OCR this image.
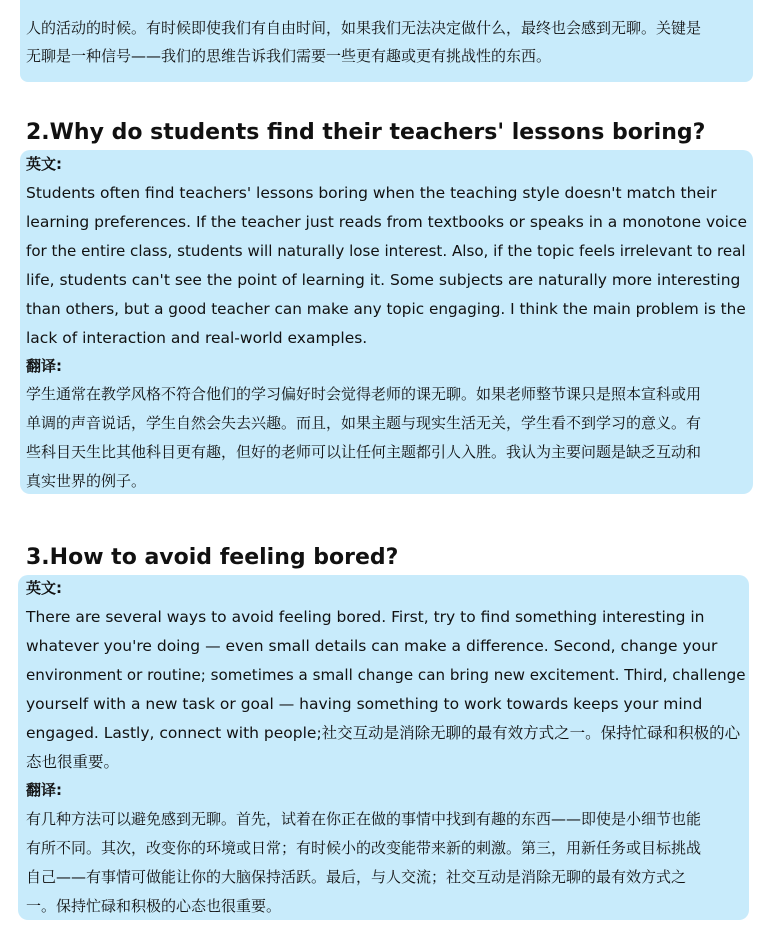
人的活动的时候。有时候即使我们有自由时间，如果我们无法决定做什么，最终也会感到无聊。关键是
无聊是一种信号——我们的思维告诉我们需要一些更有趣或更有挑战性的东西。

2.Why do students find their teachers' lessons boring?

英文:

Students often find teachers' lessons boring when the teaching style doesn't match their
learning preferences. If the teacher just reads from textbooks or speaks in a monotone voice
for the entire class, students will naturally lose interest. Also, if the topic feels irrelevant to real
life, students can't see the point of learning it. Some subjects are naturally more interesting
than others, but a good teacher can make any topic engaging. I think the main problem is the
lack of interaction and real-world examples.

翻译:

学生通常在教学风格不符合他们的学习偏好时会觉得老师的课无聊。如果老师整节课只是照本宣科或用
单调的声音说话，学生自然会失去兴趣。而且，如果主题与现实生活无关，学生看不到学习的意义。有
些科目天生比其他科目更有趣，但好的老师可以让任何主题都引人入胜。我认为主要问题是缺乏互动和
真实世界的例子。

3.How to avoid feeling bored?

英文:

There are several ways to avoid feeling bored. First, try to find something interesting in
whatever you're doing — even small details can make a difference. Second, change your
environment or routine; sometimes a small change can bring new excitement. Third, challenge
yourself with a new task or goal — having something to work towards keeps your mind
engaged. Lastly, connect with people;社交互动是消除无聊的最有效方式之一。保持忙碌和积极的心
态也很重要。

翻译:

有几种方法可以避免感到无聊。首先，试着在你正在做的事情中找到有趣的东西——即使是小细节也能
有所不同。其次，改变你的环境或日常；有时候小的改变能带来新的刺激。第三，用新任务或目标挑战
自己——有事情可做能让你的大脑保持活跃。最后，与人交流；社交互动是消除无聊的最有效方式之
一。保持忙碌和积极的心态也很重要。
